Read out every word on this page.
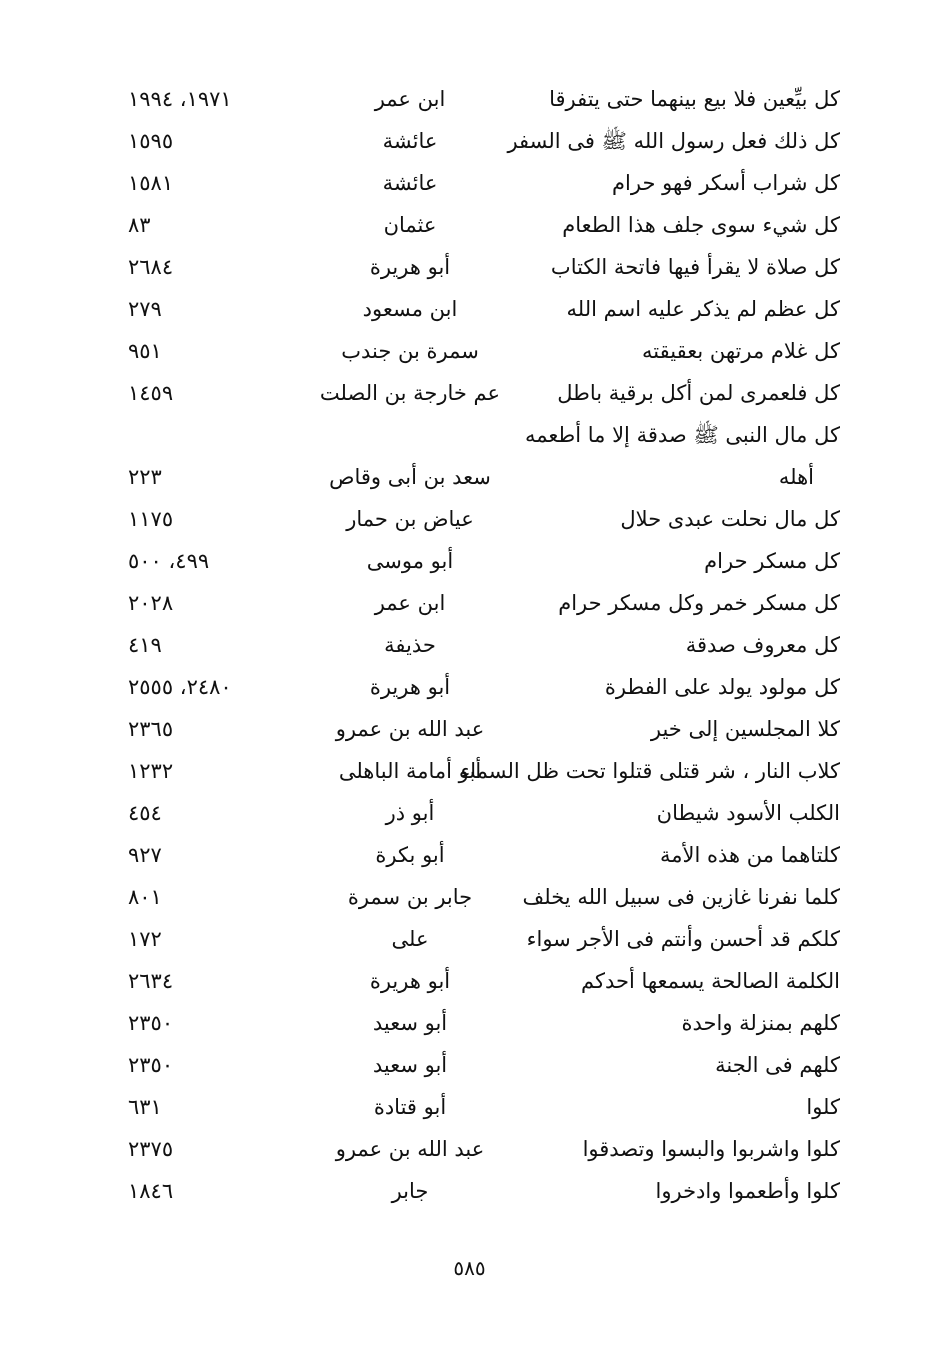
كل بيِّعين فلا بيع بينهما حتى يتفرقا
ابن عمر
١٩٧١، ١٩٩٤
كل ذلك فعل رسول الله ﷺ فى السفر
عائشة
١٥٩٥
كل شراب أسكر فهو حرام
عائشة
١٥٨١
كل شيء سوى جلف هذا الطعام
عثمان
٨٣
كل صلاة لا يقرأ فيها فاتحة الكتاب
أبو هريرة
٢٦٨٤
كل عظم لم يذكر عليه اسم الله
ابن مسعود
٢٧٩
كل غلام مرتهن بعقيقته
سمرة بن جندب
٩٥١
كل فلعمرى لمن أكل برقية باطل
عم خارجة بن الصلت
١٤٥٩
كل مال النبى ﷺ صدقة إلا ما أطعمه
أهله
سعد بن أبى وقاص
٢٢٣
كل مال نحلت عبدى حلال
عياض بن حمار
١١٧٥
كل مسكر حرام
أبو موسى
٤٩٩، ٥٠٠
كل مسكر خمر وكل مسكر حرام
ابن عمر
٢٠٢٨
كل معروف صدقة
حذيفة
٤١٩
كل مولود يولد على الفطرة
أبو هريرة
٢٤٨٠، ٢٥٥٥
كلا المجلسين إلى خير
عبد الله بن عمرو
٢٣٦٥
كلاب النار ، شر قتلى قتلوا تحت ظل السماء
أبو أمامة الباهلى
١٢٣٢
الكلب الأسود شيطان
أبو ذر
٤٥٤
كلتاهما من هذه الأمة
أبو بكرة
٩٢٧
كلما نفرنا غازين فى سبيل الله يخلف
جابر بن سمرة
٨٠١
كلكم قد أحسن وأنتم فى الأجر سواء
على
١٧٢
الكلمة الصالحة يسمعها أحدكم
أبو هريرة
٢٦٣٤
كلهم بمنزلة واحدة
أبو سعيد
٢٣٥٠
كلهم فى الجنة
أبو سعيد
٢٣٥٠
كلوا
أبو قتادة
٦٣١
كلوا واشربوا والبسوا وتصدقوا
عبد الله بن عمرو
٢٣٧٥
كلوا وأطعموا وادخروا
جابر
١٨٤٦
٥٨٥
